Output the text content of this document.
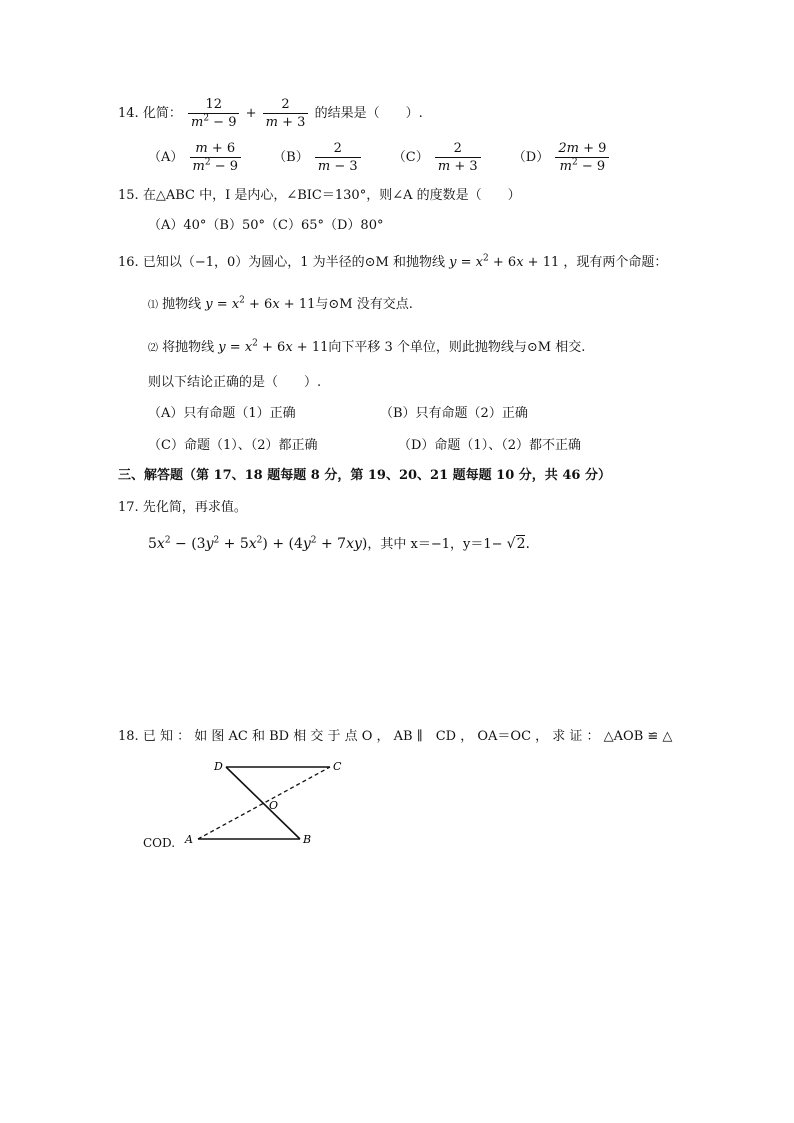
14. 化简： $\frac{12}{m^2 - 9} + \frac{2}{m + 3}$ 的结果是（　　）.
$(A) \frac{m + 6}{m^2 - 9} (B) \frac{2}{m - 3} (C) \frac{2}{m + 3} (D) \frac{2m + 9}{m^2 - 9}$
15. 在△ABC 中，I 是内心，∠BIC＝130°，则∠A 的度数是（　　）
（A）40°（B）50°（C）65°（D）80°
16. 已知以（−1，0）为圆心，1 为半径的⊙M 和抛物线 $y = x^2 + 6x + 11$ ，现有两个命题：
⑴ 抛物线 $y = x^2 + 6x + 11$与⊙M 没有交点.
⑵ 将抛物线 $y = x^2 + 6x + 11$向下平移 3 个单位，则此抛物线与⊙M 相交.
则以下结论正确的是（　　）.
（A）只有命题（1）正确	（B）只有命题（2）正确
（C）命题（1）、（2）都正确	（D）命题（1）、（2）都不正确
三、解答题（第 17、18 题每题 8 分，第 19、20、21 题每题 10 分，共 46 分）
17. 先化简，再求值。
$5x^2 - (3y^2 + 5x^2) + (4y^2 + 7xy)$，其中 x＝−1，y＝1− √2.
18. 已 知 ： 如 图 AC 和 BD 相 交 于 点 O ， AB ∥　CD ， OA＝OC ， 求 证 ： △AOB ≌ △
COD.
D	C
O
A	B
